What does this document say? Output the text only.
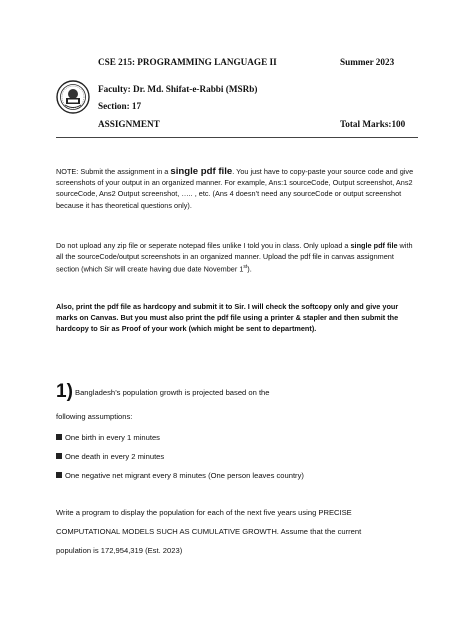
CSE 215: PROGRAMMING LANGUAGE II	Summer 2023
Faculty: Dr. Md. Shifat-e-Rabbi (MSRb)
Section: 17
ASSIGNMENT	Total Marks:100

NOTE: Submit the assignment in a single pdf file. You just have to copy-paste your source code and give screenshots of your output in an organized manner. For example, Ans:1 sourceCode, Output screenshot, Ans2 sourceCode, Ans2 Output screenshot, ….. , etc. (Ans 4 doesn’t need any sourceCode or output screenshot because it has theoretical questions only).

Do not upload any zip file or seperate notepad files unlike I told you in class. Only upload a single pdf file with all the sourceCode/output screenshots in an organized manner. Upload the pdf file in canvas assignment section (which Sir will create having due date November 1st).

Also, print the pdf file as hardcopy and submit it to Sir. I will check the softcopy only and give your marks on Canvas. But you must also print the pdf file using a printer & stapler and then submit the hardcopy to Sir as Proof of your work (which might be sent to department).

1) Bangladesh’s population growth is projected based on the
following assumptions:
One birth in every 1 minutes
One death in every 2 minutes
One negative net migrant every 8 minutes (One person leaves country)
Write a program to display the population for each of the next five years using PRECISE
COMPUTATIONAL MODELS SUCH AS CUMULATIVE GROWTH. Assume that the current
population is 172,954,319 (Est. 2023)
